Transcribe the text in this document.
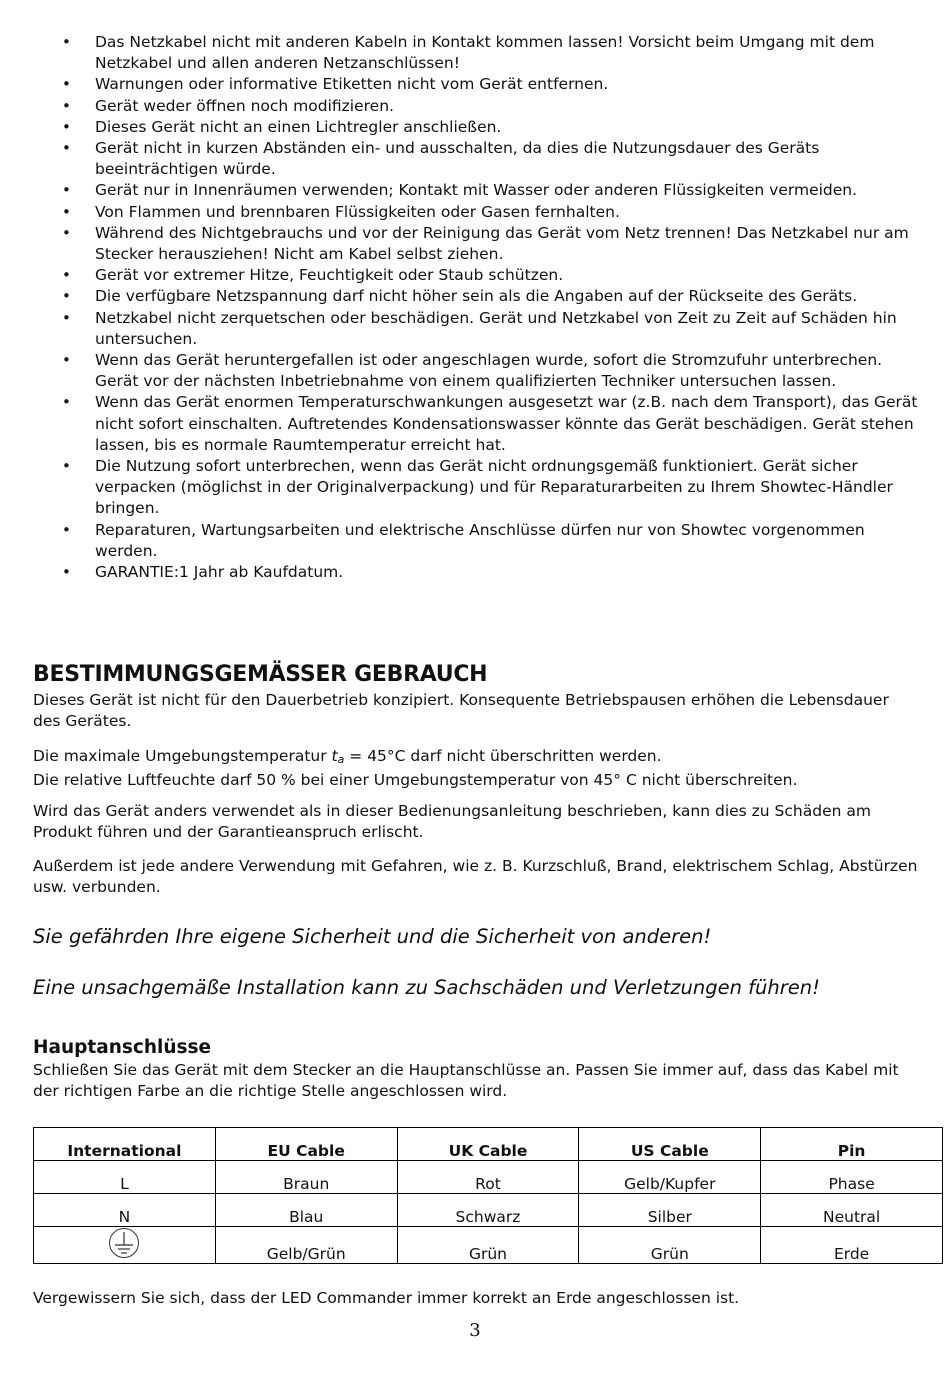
• Das Netzkabel nicht mit anderen Kabeln in Kontakt kommen lassen! Vorsicht beim Umgang mit dem Netzkabel und allen anderen Netzanschlüssen!
• Warnungen oder informative Etiketten nicht vom Gerät entfernen.
• Gerät weder öffnen noch modifizieren.
• Dieses Gerät nicht an einen Lichtregler anschließen.
• Gerät nicht in kurzen Abständen ein- und ausschalten, da dies die Nutzungsdauer des Geräts beeinträchtigen würde.
• Gerät nur in Innenräumen verwenden; Kontakt mit Wasser oder anderen Flüssigkeiten vermeiden.
• Von Flammen und brennbaren Flüssigkeiten oder Gasen fernhalten.
• Während des Nichtgebrauchs und vor der Reinigung das Gerät vom Netz trennen! Das Netzkabel nur am Stecker herausziehen! Nicht am Kabel selbst ziehen.
• Gerät vor extremer Hitze, Feuchtigkeit oder Staub schützen.
• Die verfügbare Netzspannung darf nicht höher sein als die Angaben auf der Rückseite des Geräts.
• Netzkabel nicht zerquetschen oder beschädigen. Gerät und Netzkabel von Zeit zu Zeit auf Schäden hin untersuchen.
• Wenn das Gerät heruntergefallen ist oder angeschlagen wurde, sofort die Stromzufuhr unterbrechen. Gerät vor der nächsten Inbetriebnahme von einem qualifizierten Techniker untersuchen lassen.
• Wenn das Gerät enormen Temperaturschwankungen ausgesetzt war (z.B. nach dem Transport), das Gerät nicht sofort einschalten. Auftretendes Kondensationswasser könnte das Gerät beschädigen. Gerät stehen lassen, bis es normale Raumtemperatur erreicht hat.
• Die Nutzung sofort unterbrechen, wenn das Gerät nicht ordnungsgemäß funktioniert. Gerät sicher verpacken (möglichst in der Originalverpackung) und für Reparaturarbeiten zu Ihrem Showtec-Händler bringen.
• Reparaturen, Wartungsarbeiten und elektrische Anschlüsse dürfen nur von Showtec vorgenommen werden.
• GARANTIE:1 Jahr ab Kaufdatum.
BESTIMMUNGSGEMÄSSER GEBRAUCH

Dieses Gerät ist nicht für den Dauerbetrieb konzipiert. Konsequente Betriebspausen erhöhen die Lebensdauer des Gerätes.

Die maximale Umgebungstemperatur $t_a = 45^\circ C$ darf nicht überschritten werden.
Die relative Luftfeuchte darf 50 % bei einer Umgebungstemperatur von 45° C nicht überschreiten.

Wird das Gerät anders verwendet als in dieser Bedienungsanleitung beschrieben, kann dies zu Schäden am Produkt führen und der Garantieanspruch erlischt.

Außerdem ist jede andere Verwendung mit Gefahren, wie z. B. Kurzschluß, Brand, elektrischem Schlag, Abstürzen usw. verbunden.

Sie gefährden Ihre eigene Sicherheit und die Sicherheit von anderen!

Eine unsachgemäße Installation kann zu Sachschäden und Verletzungen führen!

Hauptanschlüsse

Schließen Sie das Gerät mit dem Stecker an die Hauptanschlüsse an. Passen Sie immer auf, dass das Kabel mit der richtigen Farbe an die richtige Stelle angeschlossen wird.

International	EU Cable	UK Cable	US Cable	Pin
L	Braun	Rot	Gelb/Kupfer	Phase
N	Blau	Schwarz	Silber	Neutral
	Gelb/Grün	Grün	Grün	Erde

Vergewissern Sie sich, dass der LED Commander immer korrekt an Erde angeschlossen ist.

3
